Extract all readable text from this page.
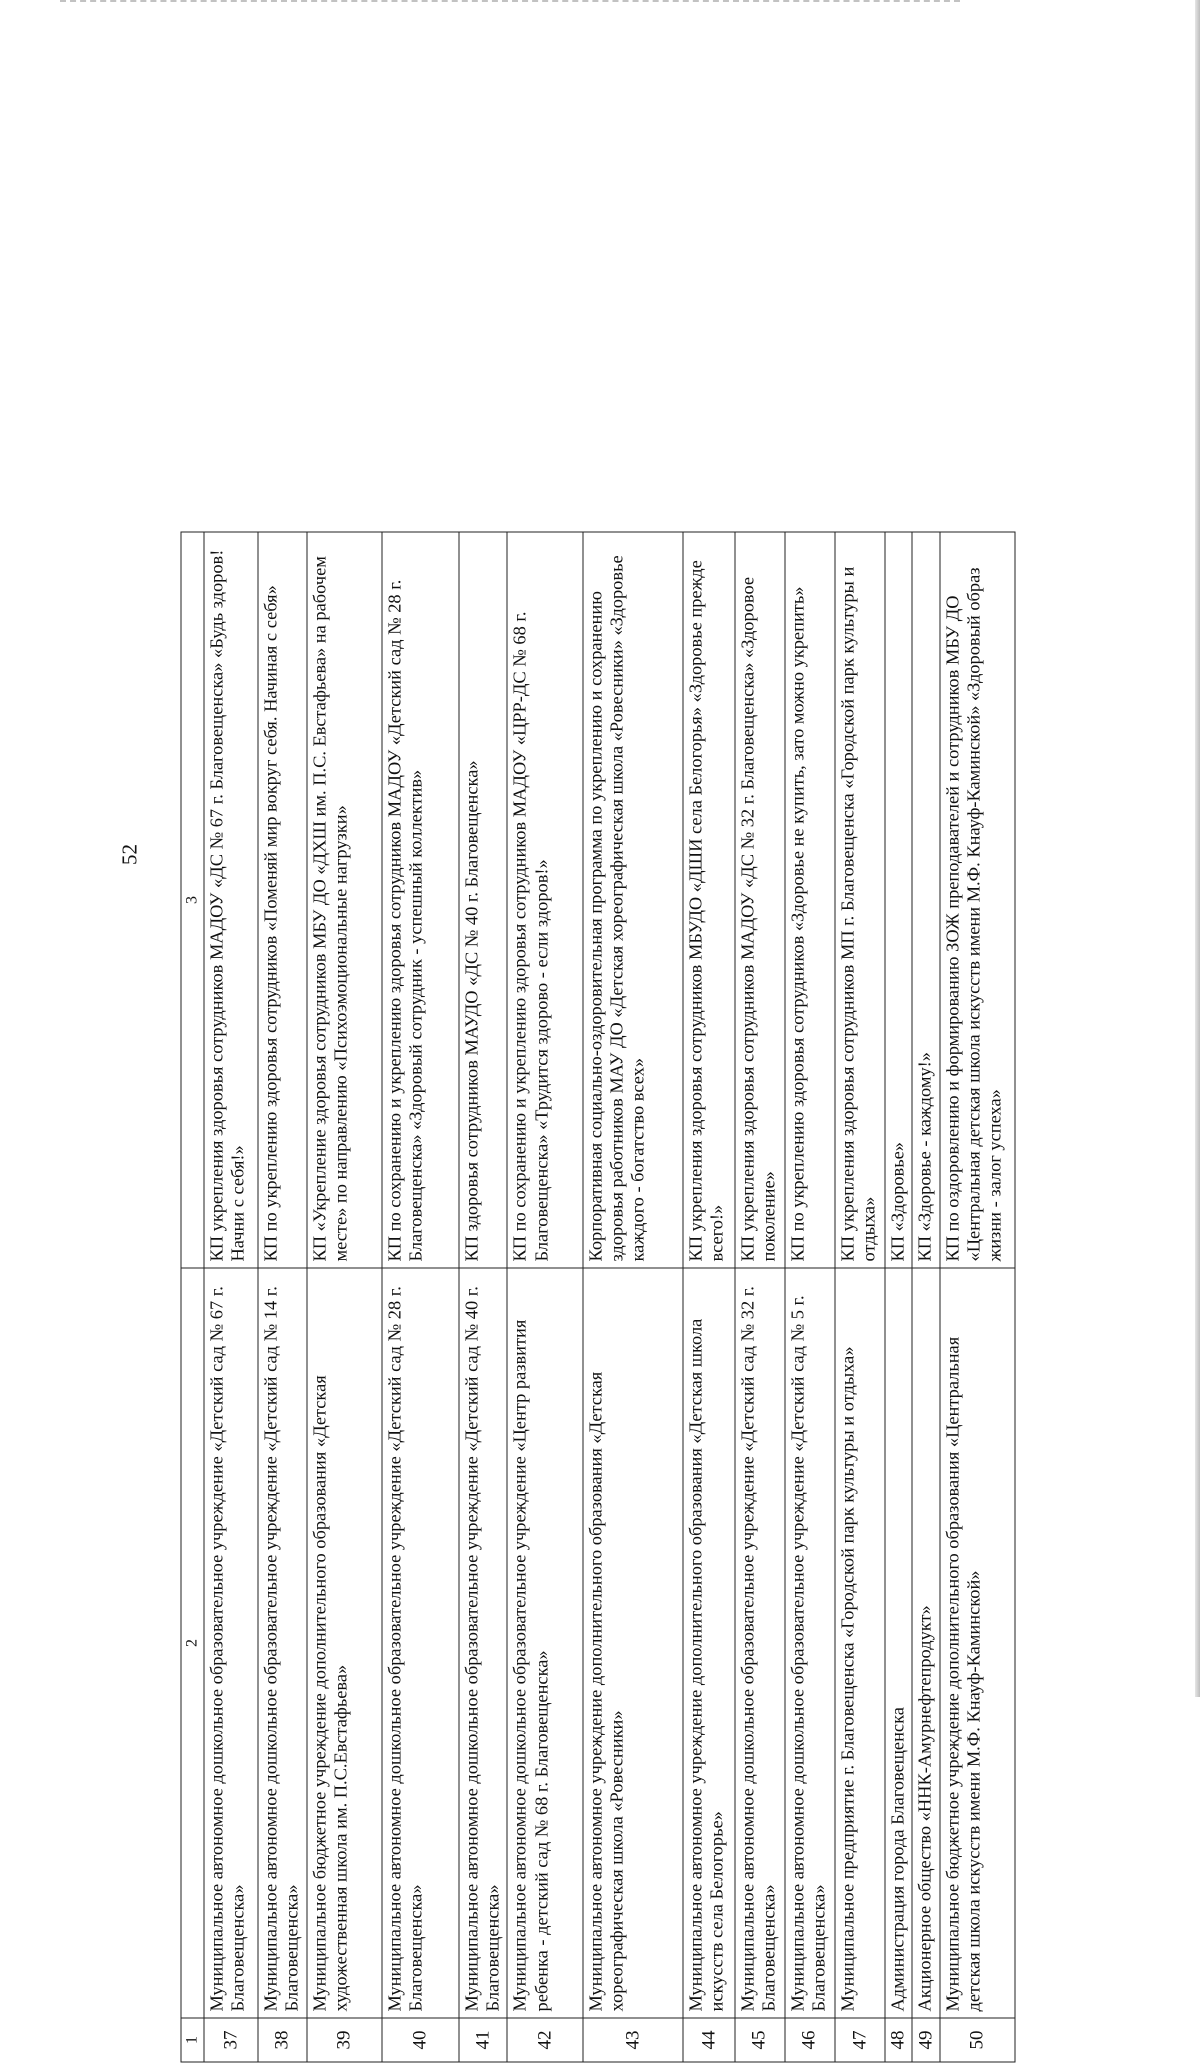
52
1	2	3
37	Муниципальное автономное дошкольное образовательное учреждение «Детский сад № 67 г. Благовещенска»	КП укрепления здоровья сотрудников МАДОУ «ДС № 67 г. Благовещенска» «Будь здоров! Начни с себя!»
38	Муниципальное автономное дошкольное образовательное учреждение «Детский сад № 14 г. Благовещенска»	КП по укреплению здоровья сотрудников «Поменяй мир вокруг себя. Начиная с себя»
39	Муниципальное бюджетное учреждение дополнительного образования «Детская художественная школа им. П.С.Евстафьева»	КП «Укрепление здоровья сотрудников МБУ ДО «ДХШ им. П.С. Евстафьева» на рабочем месте» по направлению «Психоэмоциональные нагрузки»
40	Муниципальное автономное дошкольное образовательное учреждение «Детский сад № 28 г. Благовещенска»	КП по сохранению и укреплению здоровья сотрудников МАДОУ «Детский сад № 28 г. Благовещенска» «Здоровый сотрудник - успешный коллектив»
41	Муниципальное автономное дошкольное образовательное учреждение «Детский сад № 40 г. Благовещенска»	КП здоровья сотрудников МАУДО «ДС № 40 г. Благовещенска»
42	Муниципальное автономное дошкольное образовательное учреждение «Центр развития ребенка - детский сад № 68 г. Благовещенска»	КП по сохранению и укреплению здоровья сотрудников МАДОУ «ЦРР-ДС № 68 г. Благовещенска» «Трудится здорово - если здоров!»
43	Муниципальное автономное учреждение дополнительного образования «Детская хореографическая школа «Ровесники»	Корпоративная социально-оздоровительная программа по укреплению и сохранению здоровья работников МАУ ДО «Детская хореографическая школа «Ровесники» «Здоровье каждого - богатство всех»
44	Муниципальное автономное учреждение дополнительного образования «Детская школа искусств села Белогорье»	КП укрепления здоровья сотрудников МБУДО «ДШИ села Белогорья» «Здоровье прежде всего!»
45	Муниципальное автономное дошкольное образовательное учреждение «Детский сад № 32 г. Благовещенска»	КП укрепления здоровья сотрудников МАДОУ «ДС № 32 г. Благовещенска» «Здоровое поколение»
46	Муниципальное автономное дошкольное образовательное учреждение «Детский сад № 5 г. Благовещенска»	КП по укреплению здоровья сотрудников «Здоровье не купить, зато можно укрепить»
47	Муниципальное предприятие г. Благовещенска «Городской парк культуры и отдыха»	КП укрепления здоровья сотрудников МП г. Благовещенска «Городской парк культуры и отдыха»
48	Администрация города Благовещенска	КП «Здоровье»
49	Акционерное общество «ННК-Амурнефтепродукт»	КП «Здоровье - каждому!»
50	Муниципальное бюджетное учреждение дополнительного образования «Центральная детская школа искусств имени М.Ф. Кнауф-Каминской»	КП по оздоровлению и формированию ЗОЖ преподавателей и сотрудников МБУ ДО «Центральная детская школа искусств имени М.Ф. Кнауф-Каминской» «Здоровый образ жизни - залог успеха»
